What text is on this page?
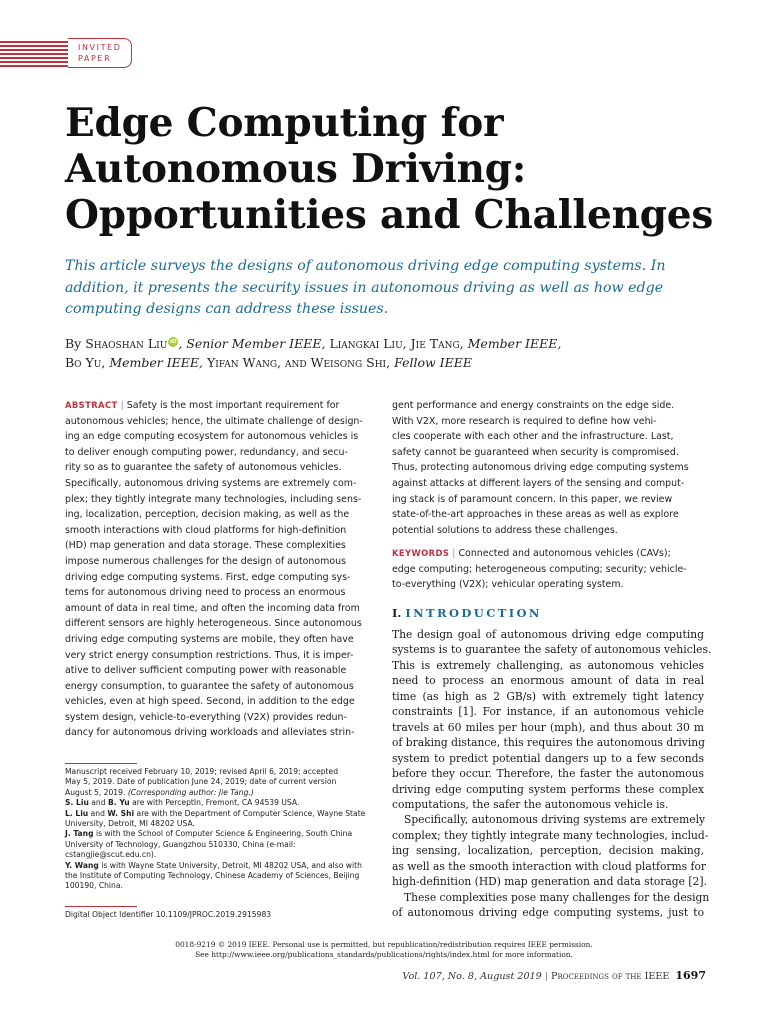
INVITED
PAPER
Edge Computing for
Autonomous Driving:
Opportunities and Challenges

This article surveys the designs of autonomous driving edge computing systems. In
addition, it presents the security issues in autonomous driving as well as how edge
computing designs can address these issues.

By Shaoshan Liu iD , Senior Member IEEE, Liangkai Liu, Jie Tang, Member IEEE,
Bo Yu, Member IEEE, Yifan Wang, and Weisong Shi, Fellow IEEE
ABSTRACT | Safety is the most important requirement for
autonomous vehicles; hence, the ultimate challenge of design-
ing an edge computing ecosystem for autonomous vehicles is
to deliver enough computing power, redundancy, and secu-
rity so as to guarantee the safety of autonomous vehicles.
Specifically, autonomous driving systems are extremely com-
plex; they tightly integrate many technologies, including sens-
ing, localization, perception, decision making, as well as the
smooth interactions with cloud platforms for high-definition
(HD) map generation and data storage. These complexities
impose numerous challenges for the design of autonomous
driving edge computing systems. First, edge computing sys-
tems for autonomous driving need to process an enormous
amount of data in real time, and often the incoming data from
different sensors are highly heterogeneous. Since autonomous
driving edge computing systems are mobile, they often have
very strict energy consumption restrictions. Thus, it is imper-
ative to deliver sufficient computing power with reasonable
energy consumption, to guarantee the safety of autonomous
vehicles, even at high speed. Second, in addition to the edge
system design, vehicle-to-everything (V2X) provides redun-
dancy for autonomous driving workloads and alleviates strin-
gent performance and energy constraints on the edge side.
With V2X, more research is required to define how vehi-
cles cooperate with each other and the infrastructure. Last,
safety cannot be guaranteed when security is compromised.
Thus, protecting autonomous driving edge computing systems
against attacks at different layers of the sensing and comput-
ing stack is of paramount concern. In this paper, we review
state-of-the-art approaches in these areas as well as explore
potential solutions to address these challenges.
KEYWORDS | Connected and autonomous vehicles (CAVs);
edge computing; heterogeneous computing; security; vehicle-
to-everything (V2X); vehicular operating system.
Manuscript received February 10, 2019; revised April 6, 2019; accepted
May 5, 2019. Date of publication June 24, 2019; date of current version
August 5, 2019. (Corresponding author: Jie Tang.)
S. Liu and B. Yu are with PerceptIn, Fremont, CA 94539 USA.
L. Liu and W. Shi are with the Department of Computer Science, Wayne State
University, Detroit, MI 48202 USA.
J. Tang is with the School of Computer Science & Engineering, South China
University of Technology, Guangzhou 510330, China (e-mail:
cstangjie@scut.edu.cn).
Y. Wang is with Wayne State University, Detroit, MI 48202 USA, and also with
the Institute of Computing Technology, Chinese Academy of Sciences, Beijing
100190, China.
Digital Object Identifier 10.1109/JPROC.2019.2915983
I. INTRODUCTION
The design goal of autonomous driving edge computing
systems is to guarantee the safety of autonomous vehicles.
This is extremely challenging, as autonomous vehicles
need to process an enormous amount of data in real
time (as high as 2 GB/s) with extremely tight latency
constraints [1]. For instance, if an autonomous vehicle
travels at 60 miles per hour (mph), and thus about 30 m
of braking distance, this requires the autonomous driving
system to predict potential dangers up to a few seconds
before they occur. Therefore, the faster the autonomous
driving edge computing system performs these complex
computations, the safer the autonomous vehicle is.
Specifically, autonomous driving systems are extremely
complex; they tightly integrate many technologies, includ-
ing sensing, localization, perception, decision making,
as well as the smooth interaction with cloud platforms for
high-definition (HD) map generation and data storage [2].
These complexities pose many challenges for the design
of autonomous driving edge computing systems, just to
0018-9219 © 2019 IEEE. Personal use is permitted, but republication/redistribution requires IEEE permission.
See http://www.ieee.org/publications_standards/publications/rights/index.html for more information.
Vol. 107, No. 8, August 2019 | Proceedings of the IEEE 1697
